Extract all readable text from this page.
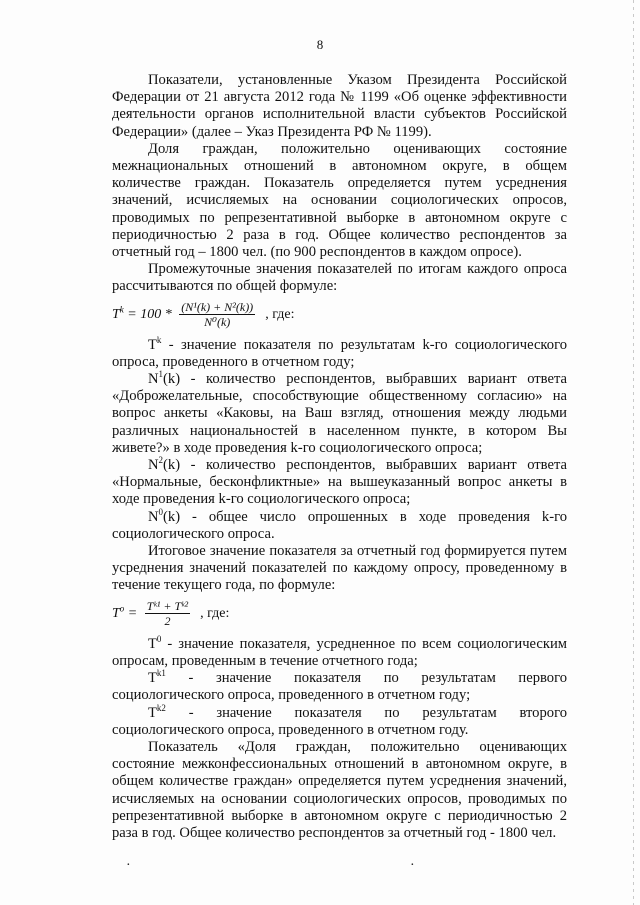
8

Показатели, установленные Указом Президента Российской Федерации от 21 августа 2012 года № 1199 «Об оценке эффективности деятельности органов исполнительной власти субъектов Российской Федерации» (далее – Указ Президента РФ № 1199).

Доля граждан, положительно оценивающих состояние межнациональных отношений в автономном округе, в общем количестве граждан. Показатель определяется путем усреднения значений, исчисляемых на основании социологических опросов, проводимых по репрезентативной выборке в автономном округе с периодичностью 2 раза в год. Общее количество респондентов за отчетный год – 1800 чел. (по 900 респондентов в каждом опросе).

Промежуточные значения показателей по итогам каждого опроса рассчитываются по общей формуле:

$T^k = 100 * \frac{\text{(N¹(k) + N²(k))}}{\text{N⁰(k)}}$ , где:

$T^k$ - значение показателя по результатам k-го социологического опроса, проведенного в отчетном году;

$N^1(k)$ - количество респондентов, выбравших вариант ответа «Доброжелательные, способствующие общественному согласию» на вопрос анкеты «Каковы, на Ваш взгляд, отношения между людьми различных национальностей в населенном пункте, в котором Вы живете?» в ходе проведения k-го социологического опроса;

$N^2(k)$ - количество респондентов, выбравших вариант ответа «Нормальные, бесконфликтные» на вышеуказанный вопрос анкеты в ходе проведения k-го социологического опроса;

$N^0(k)$ - общее число опрошенных в ходе проведения k-го социологического опроса.

Итоговое значение показателя за отчетный год формируется путем усреднения значений показателей по каждому опросу, проведенному в течение текущего года, по формуле:

$T^o = \frac{\text{Tᵏ¹ + Tᵏ²}}{2}$ , где:

$T^0$ - значение показателя, усредненное по всем социологическим опросам, проведенным в течение отчетного года;

$T^{k1}$ - значение показателя по результатам первого социологического опроса, проведенного в отчетном году;

$T^{k2}$ - значение показателя по результатам второго социологического опроса, проведенного в отчетном году.

Показатель «Доля граждан, положительно оценивающих состояние межконфессиональных отношений в автономном округе, в общем количестве граждан» определяется путем усреднения значений, исчисляемых на основании социологических опросов, проводимых по репрезентативной выборке в автономном округе с периодичностью 2 раза в год. Общее количество респондентов за отчетный год - 1800 чел.

·	·
